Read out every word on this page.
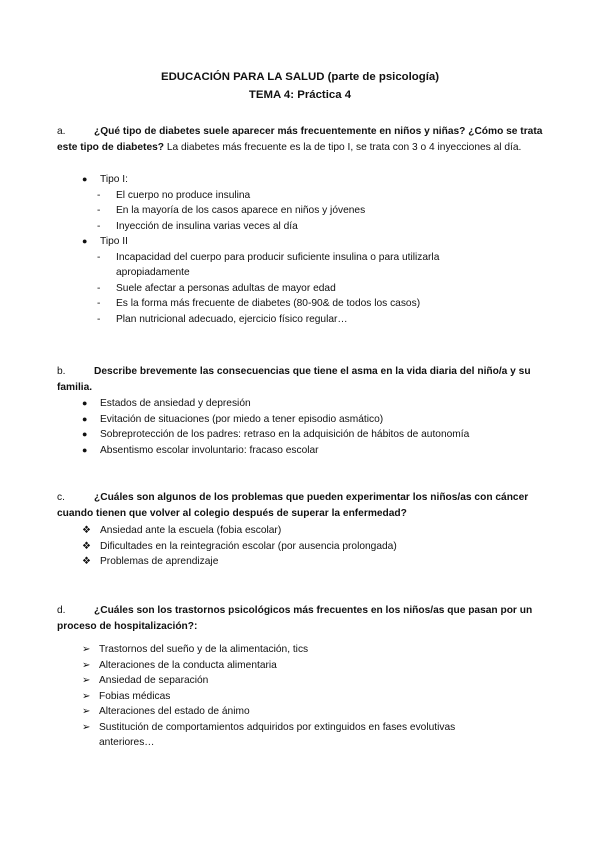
EDUCACIÓN PARA LA SALUD (parte de psicología)
TEMA 4: Práctica 4
a.	¿Qué tipo de diabetes suele aparecer más frecuentemente en niños y niñas? ¿Cómo se trata este tipo de diabetes? La diabetes más frecuente es la de tipo I, se trata con 3 o 4 inyecciones al día.
● Tipo I:
- El cuerpo no produce insulina
- En la mayoría de los casos aparece en niños y jóvenes
- Inyección de insulina varias veces al día
● Tipo II
- Incapacidad del cuerpo para producir suficiente insulina o para utilizarla apropiadamente
- Suele afectar a personas adultas de mayor edad
- Es la forma más frecuente de diabetes (80-90& de todos los casos)
- Plan nutricional adecuado, ejercicio físico regular…
b.	Describe brevemente las consecuencias que tiene el asma en la vida diaria del niño/a y su familia.
● Estados de ansiedad y depresión
● Evitación de situaciones (por miedo a tener episodio asmático)
● Sobreprotección de los padres: retraso en la adquisición de hábitos de autonomía
● Absentismo escolar involuntario: fracaso escolar
c.	¿Cuáles son algunos de los problemas que pueden experimentar los niños/as con cáncer cuando tienen que volver al colegio después de superar la enfermedad?
❖ Ansiedad ante la escuela (fobia escolar)
❖ Dificultades en la reintegración escolar (por ausencia prolongada)
❖ Problemas de aprendizaje
d.	¿Cuáles son los trastornos psicológicos más frecuentes en los niños/as que pasan por un proceso de hospitalización?:
➢ Trastornos del sueño y de la alimentación, tics
➢ Alteraciones de la conducta alimentaria
➢ Ansiedad de separación
➢ Fobias médicas
➢ Alteraciones del estado de ánimo
➢ Sustitución de comportamientos adquiridos por extinguidos en fases evolutivas anteriores…
